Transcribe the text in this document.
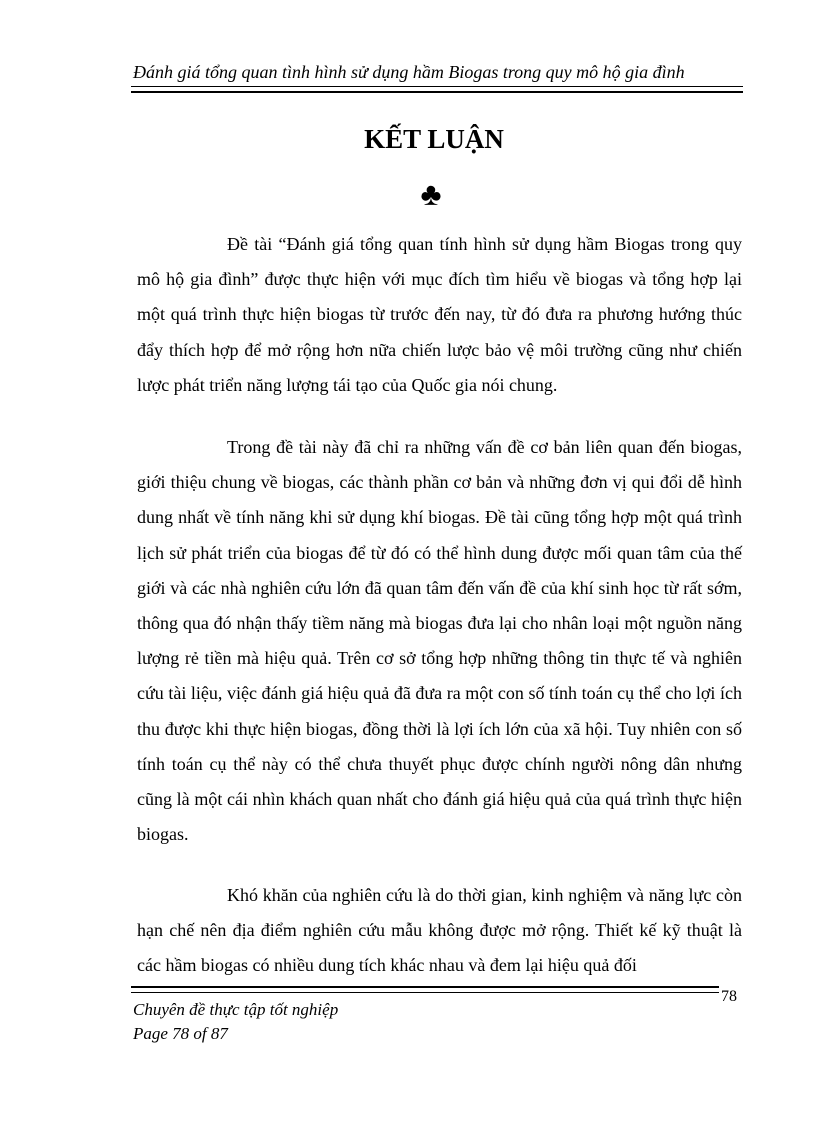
Đánh giá tổng quan tình hình sử dụng hầm Biogas trong quy mô hộ gia đình
KẾT LUẬN
♣

Đề tài “Đánh giá tổng quan tính hình sử dụng hầm Biogas trong quy mô hộ gia đình” được thực hiện với mục đích tìm hiểu về biogas và tổng hợp lại một quá trình thực hiện biogas từ trước đến nay, từ đó đưa ra phương hướng thúc đẩy thích hợp để mở rộng hơn nữa chiến lược bảo vệ môi trường cũng như chiến lược phát triển năng lượng tái tạo của Quốc gia nói chung.

Trong đề tài này đã chỉ ra những vấn đề cơ bản liên quan đến biogas, giới thiệu chung về biogas, các thành phần cơ bản và những đơn vị qui đổi dễ hình dung nhất về tính năng khi sử dụng khí biogas. Đề tài cũng tổng hợp một quá trình lịch sử phát triển của biogas để từ đó có thể hình dung được mối quan tâm của thế giới và các nhà nghiên cứu lớn đã quan tâm đến vấn đề của khí sinh học từ rất sớm, thông qua đó nhận thấy tiềm năng mà biogas đưa lại cho nhân loại một nguồn năng lượng rẻ tiền mà hiệu quả. Trên cơ sở tổng hợp những thông tin thực tế và nghiên cứu tài liệu, việc đánh giá hiệu quả đã đưa ra một con số tính toán cụ thể cho lợi ích thu được khi thực hiện biogas, đồng thời là lợi ích lớn của xã hội. Tuy nhiên con số tính toán cụ thể này có thể chưa thuyết phục được chính người nông dân nhưng cũng là một cái nhìn khách quan nhất cho đánh giá hiệu quả của quá trình thực hiện biogas.

Khó khăn của nghiên cứu là do thời gian, kinh nghiệm và năng lực còn hạn chế nên địa điểm nghiên cứu mẫu không được mở rộng. Thiết kế kỹ thuật là các hầm biogas có nhiều dung tích khác nhau và đem lại hiệu quả đối

78
Chuyên đề thực tập tốt nghiệp
Page 78 of 87
